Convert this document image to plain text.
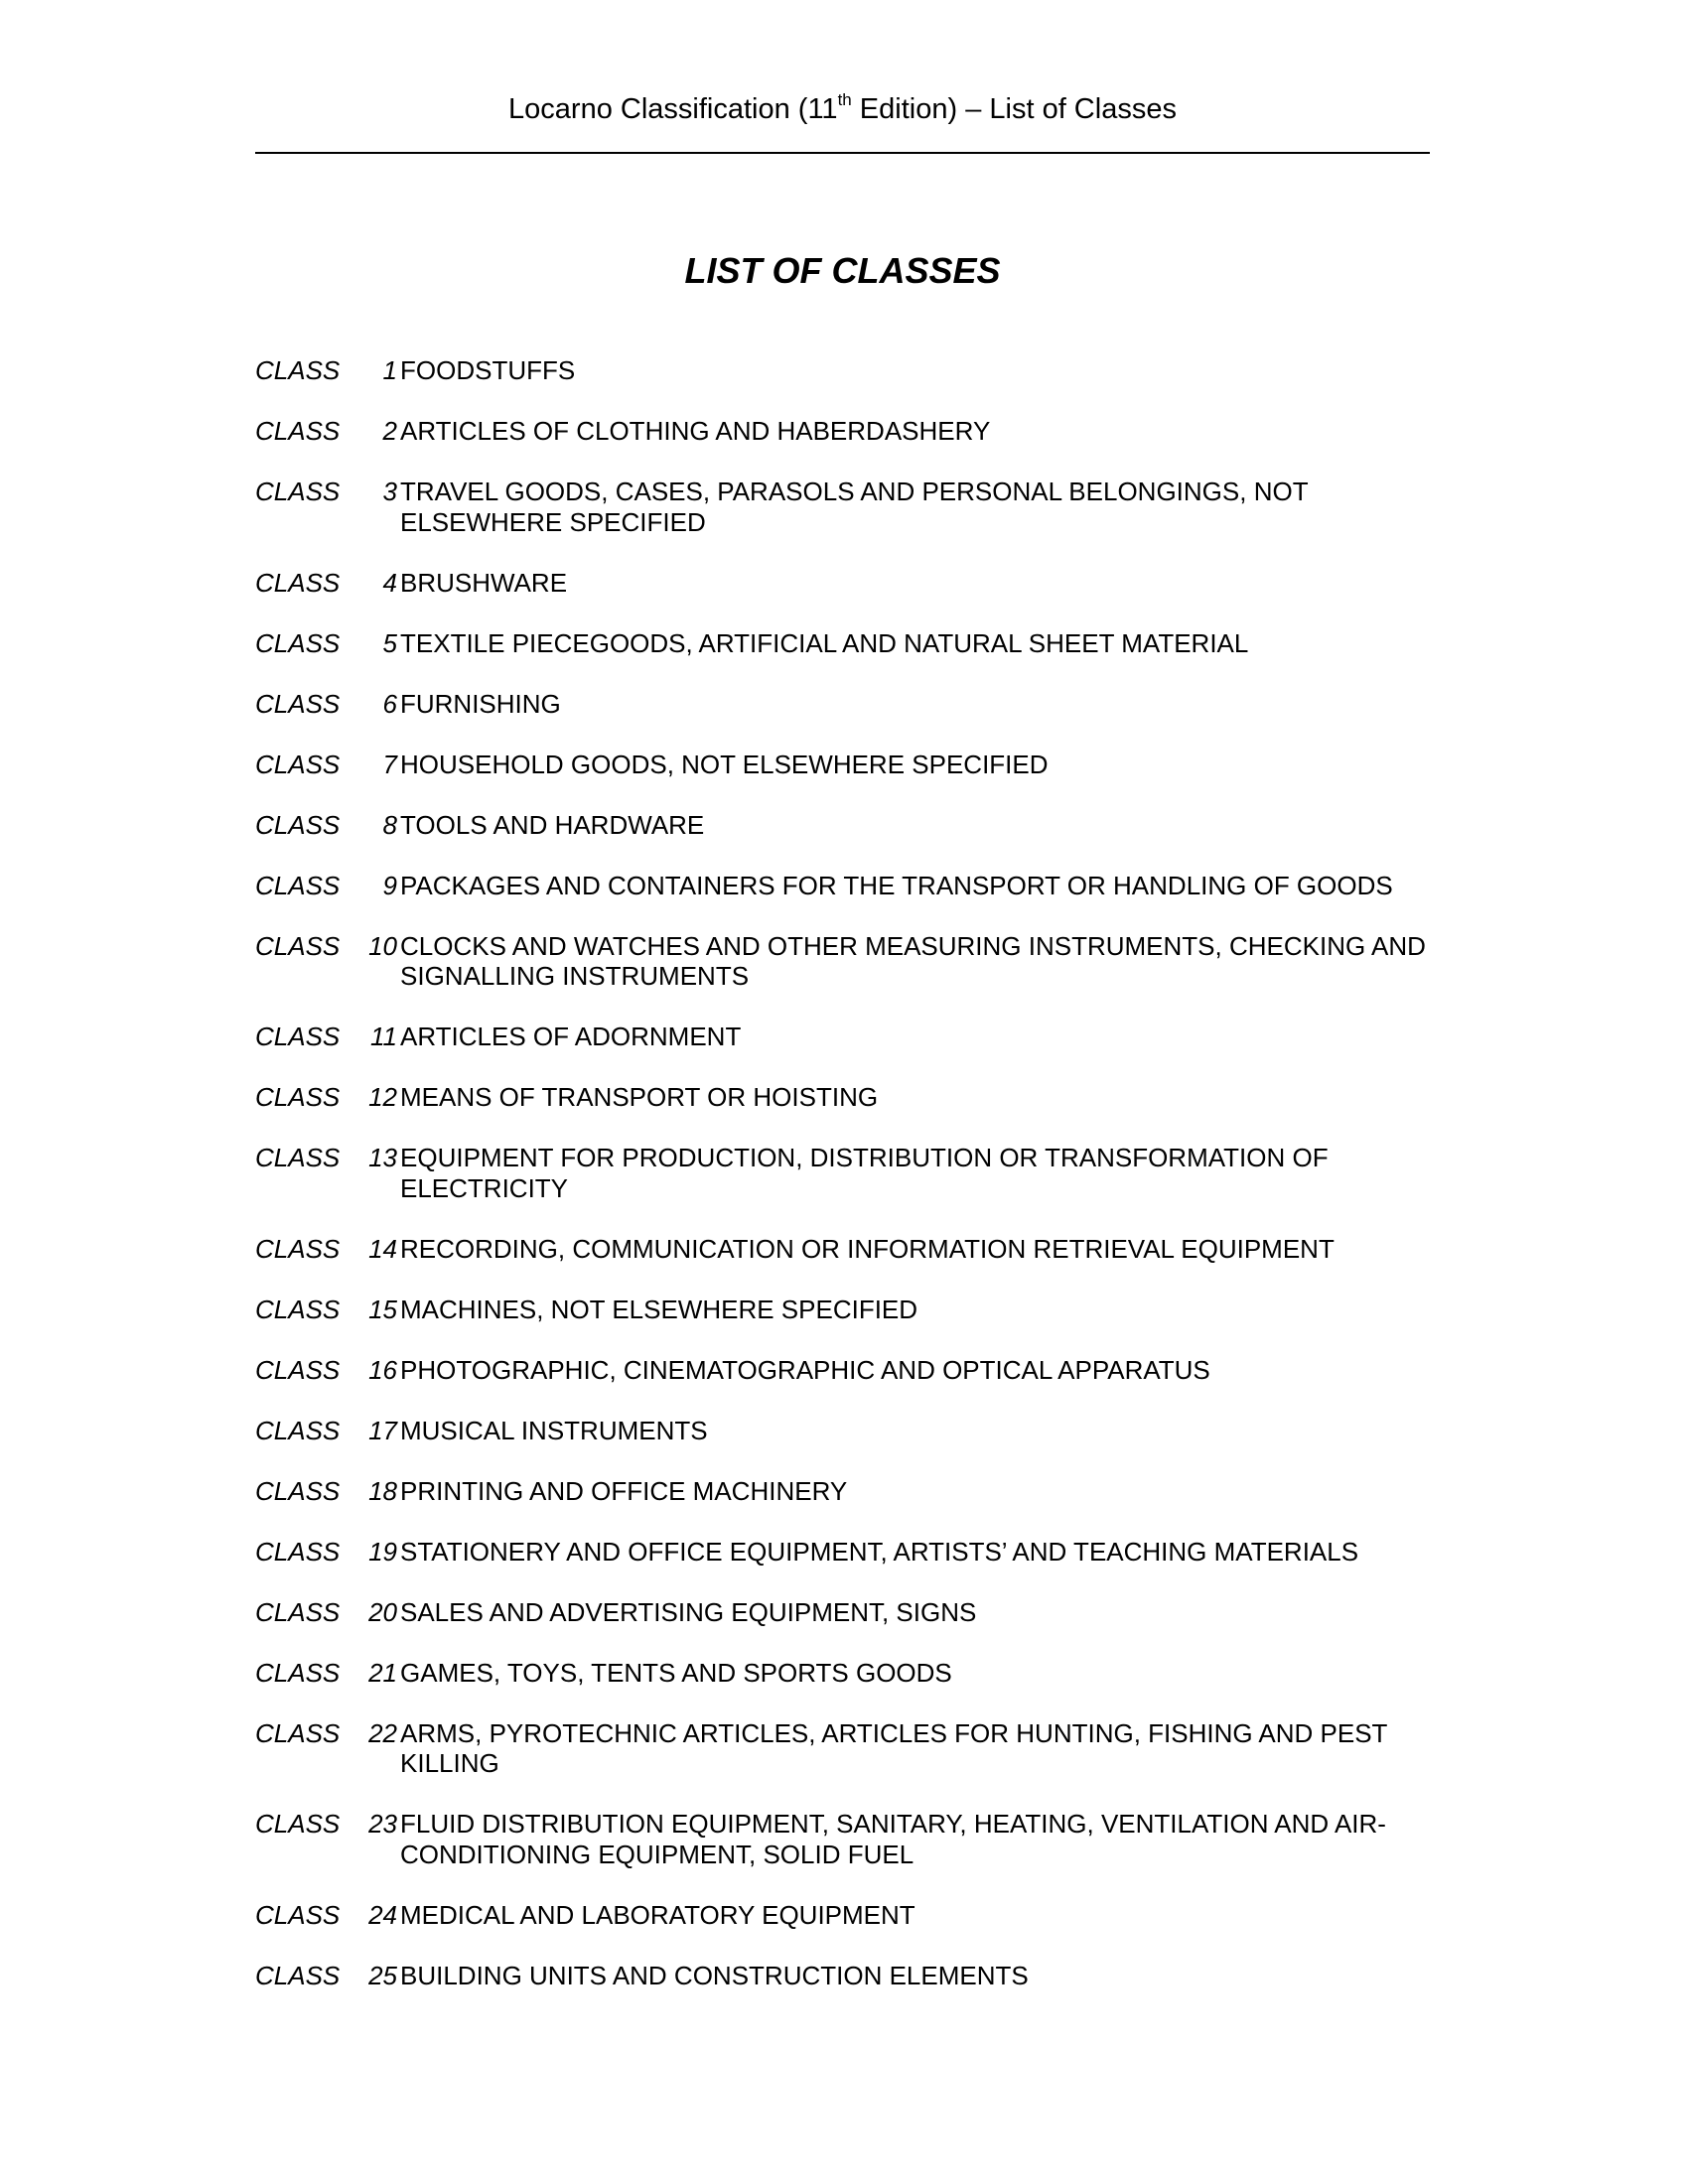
Locarno Classification (11th Edition) – List of Classes
LIST OF CLASSES
CLASS	1 FOODSTUFFS
CLASS	2 ARTICLES OF CLOTHING AND HABERDASHERY
CLASS	3 TRAVEL GOODS, CASES, PARASOLS AND PERSONAL BELONGINGS, NOT ELSEWHERE SPECIFIED
CLASS	4 BRUSHWARE
CLASS	5 TEXTILE PIECEGOODS, ARTIFICIAL AND NATURAL SHEET MATERIAL
CLASS	6 FURNISHING
CLASS	7 HOUSEHOLD GOODS, NOT ELSEWHERE SPECIFIED
CLASS	8 TOOLS AND HARDWARE
CLASS	9 PACKAGES AND CONTAINERS FOR THE TRANSPORT OR HANDLING OF GOODS
CLASS 10 CLOCKS AND WATCHES AND OTHER MEASURING INSTRUMENTS, CHECKING AND SIGNALLING INSTRUMENTS
CLASS 11 ARTICLES OF ADORNMENT
CLASS 12 MEANS OF TRANSPORT OR HOISTING
CLASS 13 EQUIPMENT FOR PRODUCTION, DISTRIBUTION OR TRANSFORMATION OF ELECTRICITY
CLASS 14 RECORDING, COMMUNICATION OR INFORMATION RETRIEVAL EQUIPMENT
CLASS 15 MACHINES, NOT ELSEWHERE SPECIFIED
CLASS 16 PHOTOGRAPHIC, CINEMATOGRAPHIC AND OPTICAL APPARATUS
CLASS 17 MUSICAL INSTRUMENTS
CLASS 18 PRINTING AND OFFICE MACHINERY
CLASS 19 STATIONERY AND OFFICE EQUIPMENT, ARTISTS’ AND TEACHING MATERIALS
CLASS 20 SALES AND ADVERTISING EQUIPMENT, SIGNS
CLASS 21 GAMES, TOYS, TENTS AND SPORTS GOODS
CLASS 22 ARMS, PYROTECHNIC ARTICLES, ARTICLES FOR HUNTING, FISHING AND PEST KILLING
CLASS 23 FLUID DISTRIBUTION EQUIPMENT, SANITARY, HEATING, VENTILATION AND AIR-CONDITIONING EQUIPMENT, SOLID FUEL
CLASS 24 MEDICAL AND LABORATORY EQUIPMENT
CLASS 25 BUILDING UNITS AND CONSTRUCTION ELEMENTS
